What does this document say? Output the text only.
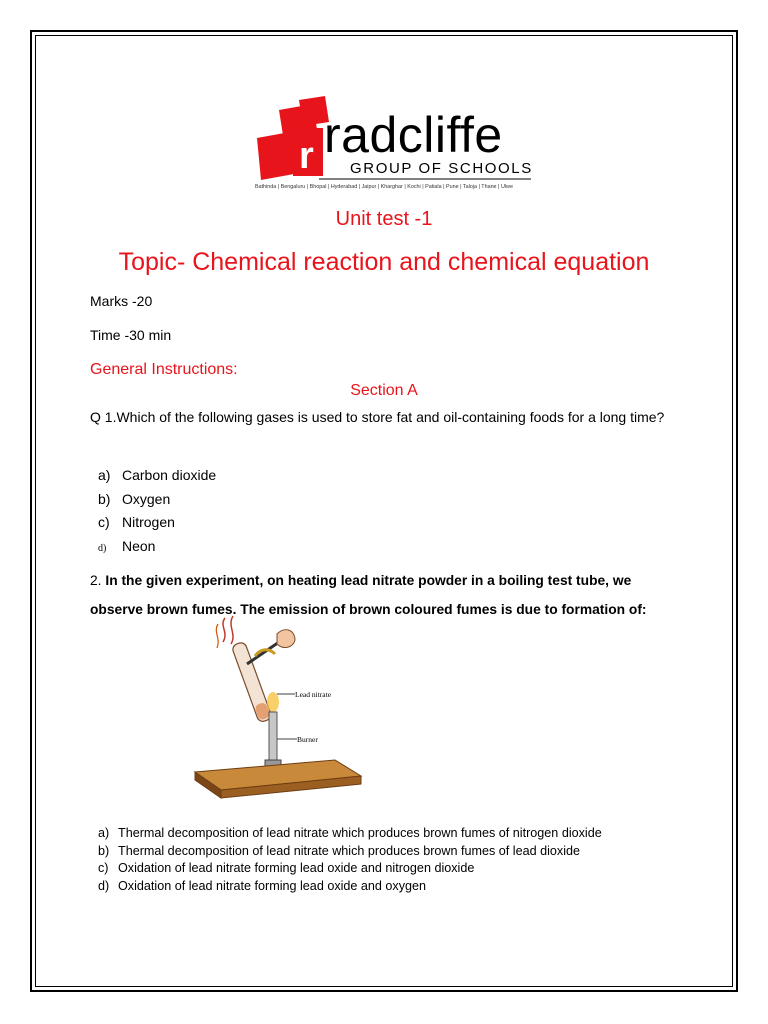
r radcliffe
GROUP OF SCHOOLS
Bathinda | Bengaluru | Bhopal | Hyderabad | Jaipur | Kharghar | Kochi | Patiala | Pune | Taloja | Thane | Ulwe
Unit test -1
Topic- Chemical reaction and chemical equation
Marks -20
Time -30 min
General Instructions:
Section A
Q 1.Which of the following gases is used to store fat and oil-containing foods for a long time?
a) Carbon dioxide
b) Oxygen
c) Nitrogen
d) Neon
2. In the given experiment, on heating lead nitrate powder in a boiling test tube, we observe brown fumes. The emission of brown coloured fumes is due to formation of:
Lead nitrate
Burner
a) Thermal decomposition of lead nitrate which produces brown fumes of nitrogen dioxide
b) Thermal decomposition of lead nitrate which produces brown fumes of lead dioxide
c) Oxidation of lead nitrate forming lead oxide and nitrogen dioxide
d) Oxidation of lead nitrate forming lead oxide and oxygen
